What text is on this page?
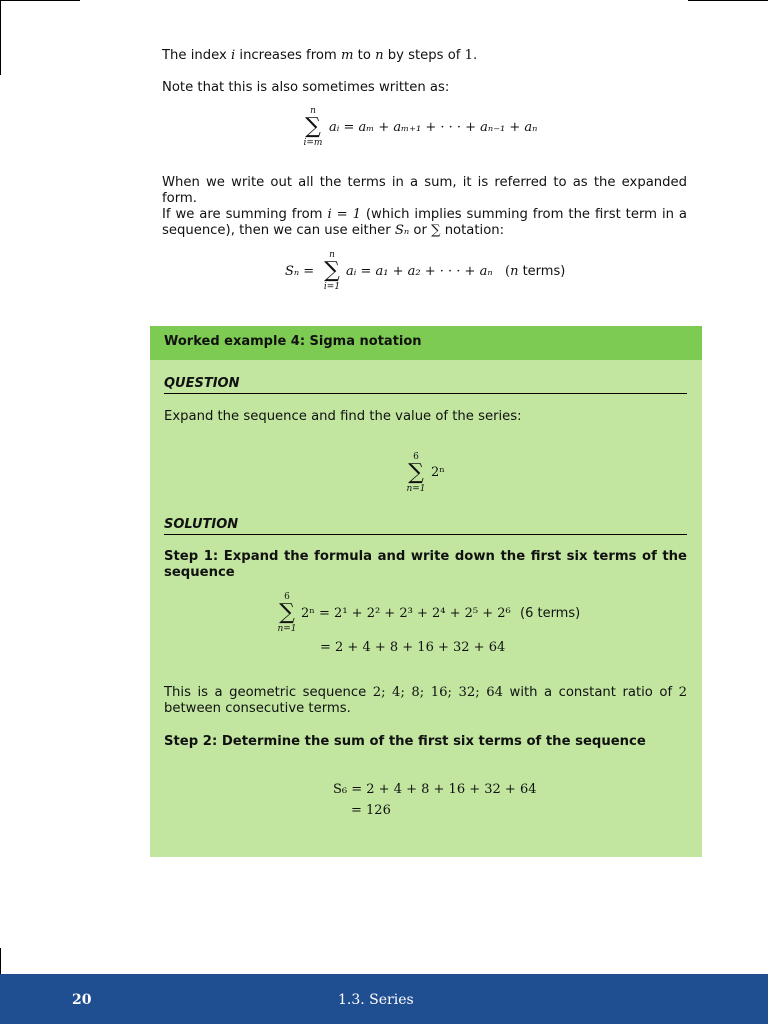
The index i increases from m to n by steps of 1.
Note that this is also sometimes written as:
n
∑
i=m
aᵢ = aₘ + aₘ₊₁ + · · · + aₙ₋₁ + aₙ
When we write out all the terms in a sum, it is referred to as the expanded form.
If we are summing from i = 1 (which implies summing from the first term in a sequence), then we can use either Sₙ or ∑ notation:
Sₙ =
n
∑
i=1
aᵢ = a₁ + a₂ + · · · + aₙ (n terms)
Worked example 4: Sigma notation
QUESTION
Expand the sequence and find the value of the series:
6
∑
n=1
2ⁿ
SOLUTION
Step 1: Expand the formula and write down the first six terms of the sequence
6
∑
n=1
2ⁿ = 2¹ + 2² + 2³ + 2⁴ + 2⁵ + 2⁶ (6 terms)
= 2 + 4 + 8 + 16 + 32 + 64
This is a geometric sequence 2; 4; 8; 16; 32; 64 with a constant ratio of 2 between consecutive terms.
Step 2: Determine the sum of the first six terms of the sequence
S₆ = 2 + 4 + 8 + 16 + 32 + 64
= 126
20	1.3. Series
